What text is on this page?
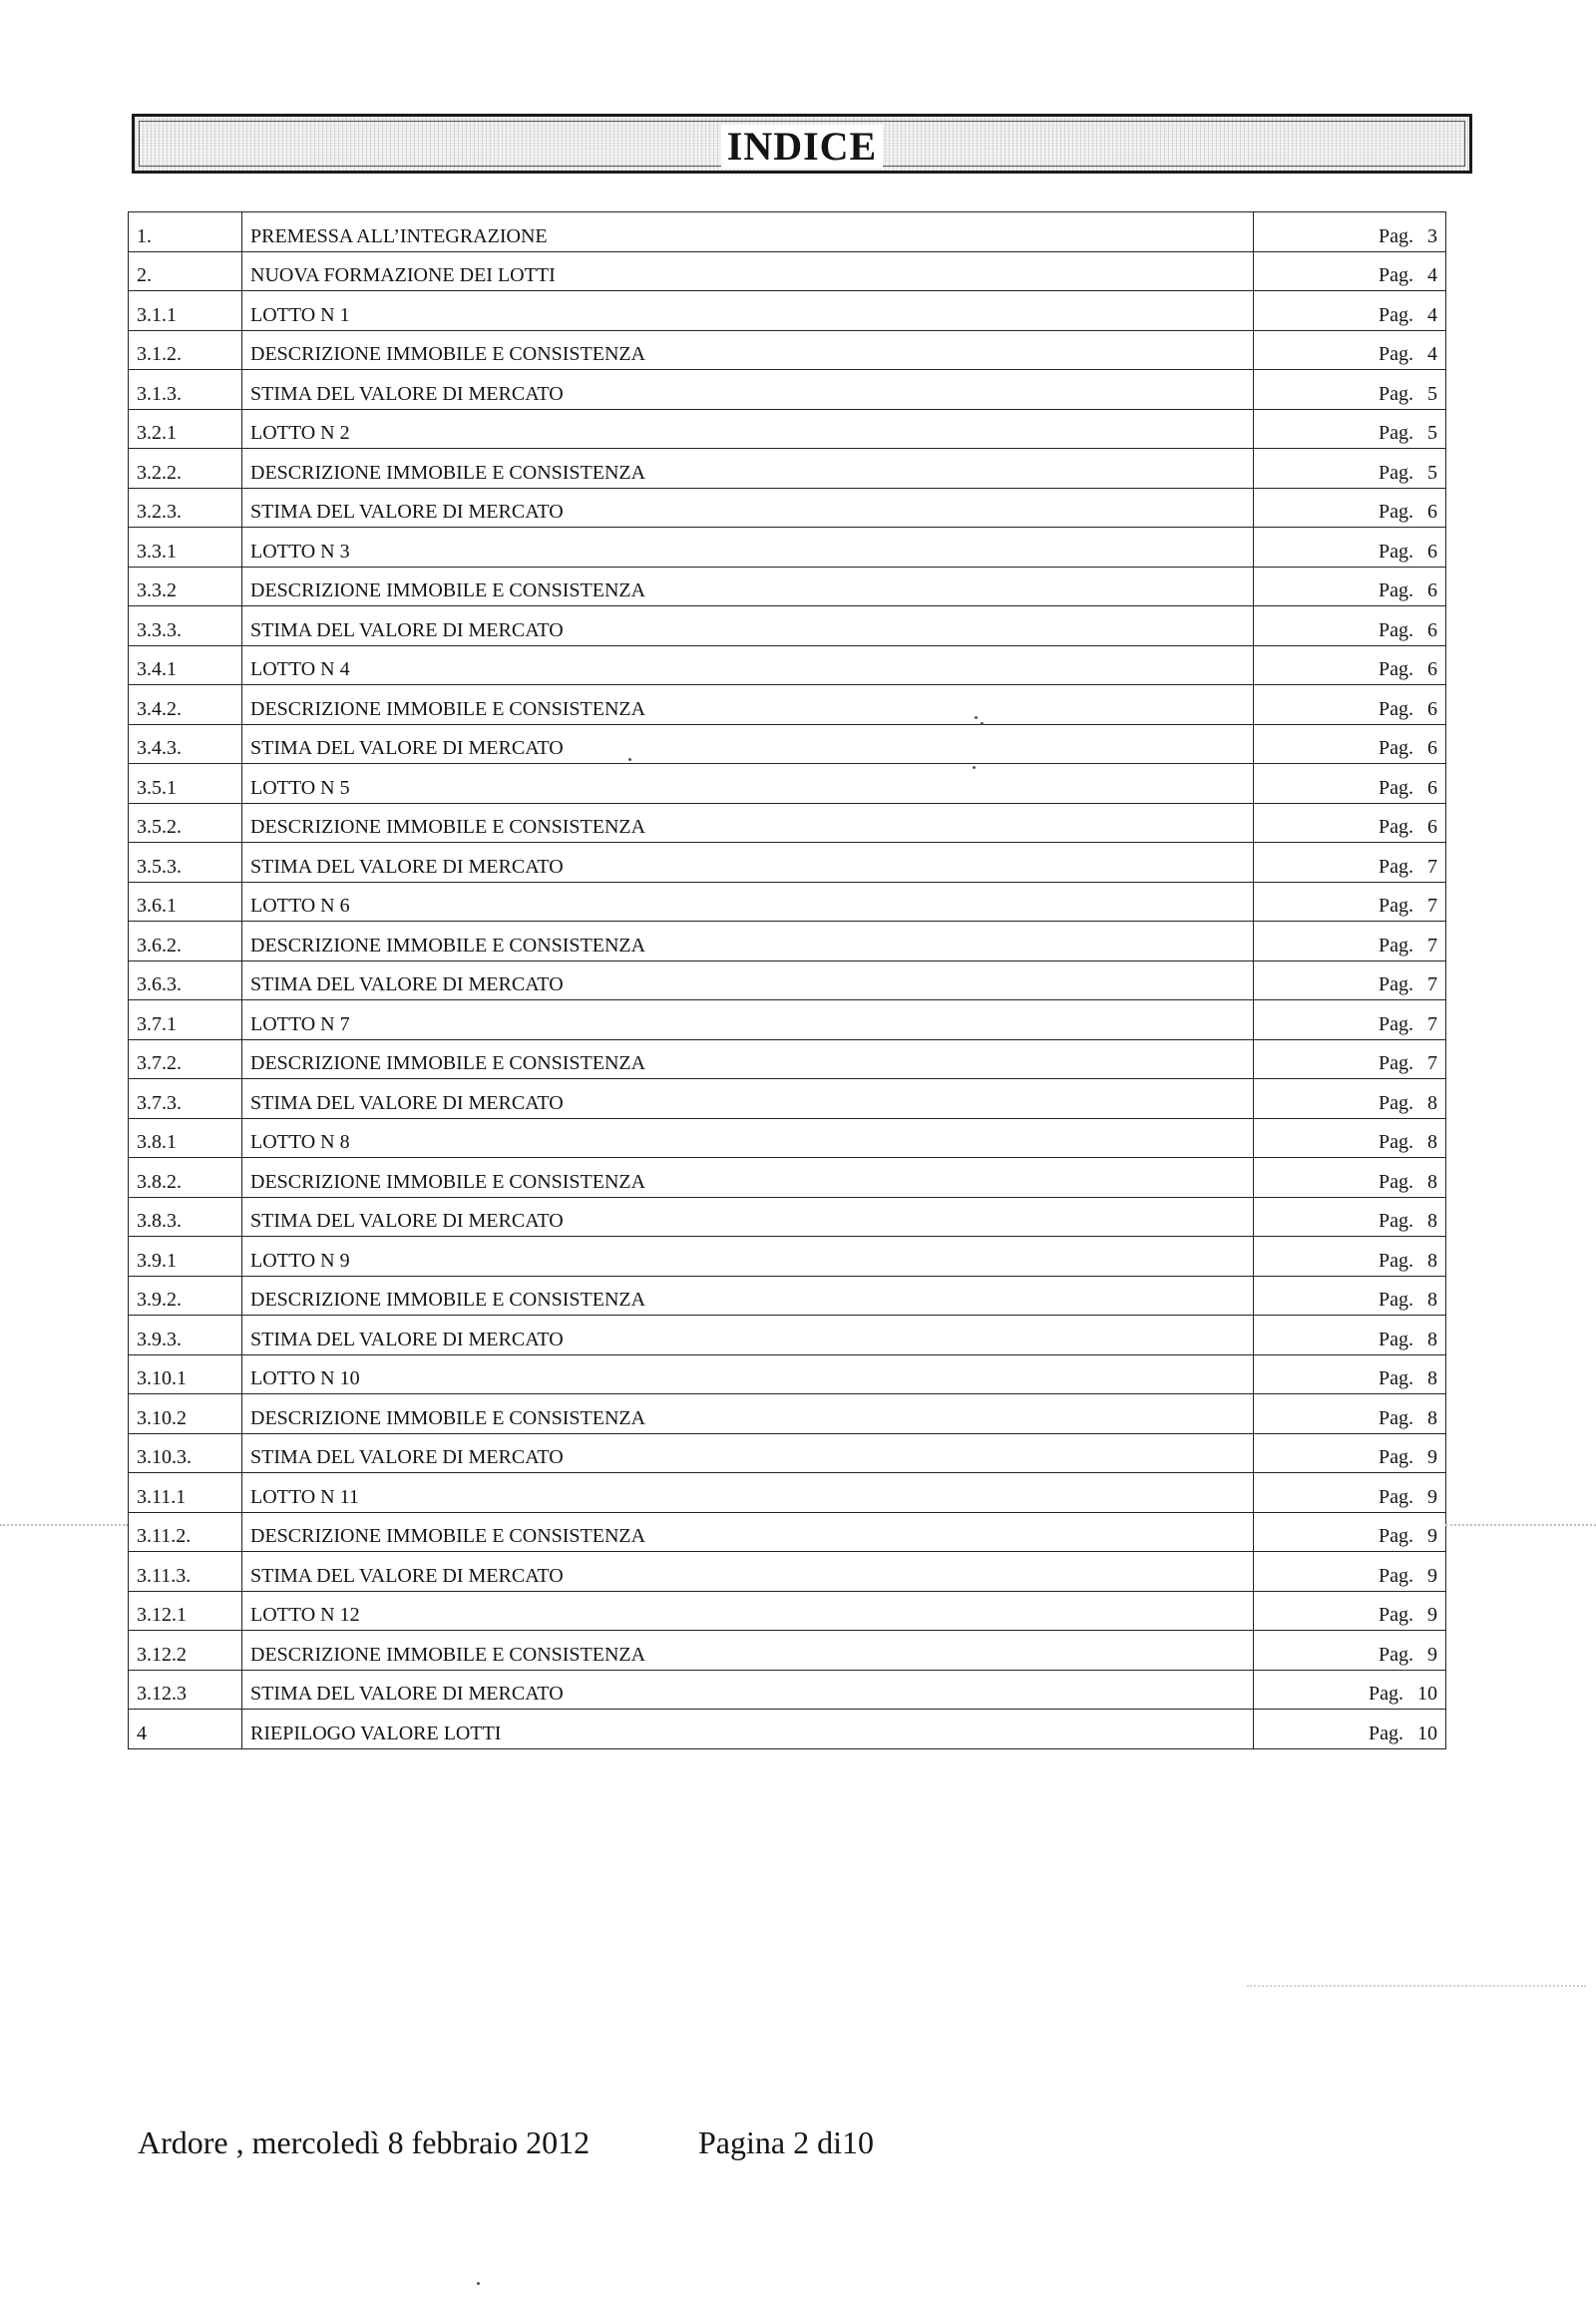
INDICE
1.	PREMESSA ALL’INTEGRAZIONE	Pag. 3
2.	NUOVA FORMAZIONE DEI LOTTI	Pag. 4
3.1.1	LOTTO N 1	Pag. 4
3.1.2.	DESCRIZIONE IMMOBILE E CONSISTENZA	Pag. 4
3.1.3.	STIMA DEL VALORE DI MERCATO	Pag. 5
3.2.1	LOTTO N 2	Pag. 5
3.2.2.	DESCRIZIONE IMMOBILE E CONSISTENZA	Pag. 5
3.2.3.	STIMA DEL VALORE DI MERCATO	Pag. 6
3.3.1	LOTTO N 3	Pag. 6
3.3.2	DESCRIZIONE IMMOBILE E CONSISTENZA	Pag. 6
3.3.3.	STIMA DEL VALORE DI MERCATO	Pag. 6
3.4.1	LOTTO N 4	Pag. 6
3.4.2.	DESCRIZIONE IMMOBILE E CONSISTENZA	Pag. 6
3.4.3.	STIMA DEL VALORE DI MERCATO	Pag. 6
3.5.1	LOTTO N 5	Pag. 6
3.5.2.	DESCRIZIONE IMMOBILE E CONSISTENZA	Pag. 6
3.5.3.	STIMA DEL VALORE DI MERCATO	Pag. 7
3.6.1	LOTTO N 6	Pag. 7
3.6.2.	DESCRIZIONE IMMOBILE E CONSISTENZA	Pag. 7
3.6.3.	STIMA DEL VALORE DI MERCATO	Pag. 7
3.7.1	LOTTO N 7	Pag. 7
3.7.2.	DESCRIZIONE IMMOBILE E CONSISTENZA	Pag. 7
3.7.3.	STIMA DEL VALORE DI MERCATO	Pag. 8
3.8.1	LOTTO N 8	Pag. 8
3.8.2.	DESCRIZIONE IMMOBILE E CONSISTENZA	Pag. 8
3.8.3.	STIMA DEL VALORE DI MERCATO	Pag. 8
3.9.1	LOTTO N 9	Pag. 8
3.9.2.	DESCRIZIONE IMMOBILE E CONSISTENZA	Pag. 8
3.9.3.	STIMA DEL VALORE DI MERCATO	Pag. 8
3.10.1	LOTTO N 10	Pag. 8
3.10.2	DESCRIZIONE IMMOBILE E CONSISTENZA	Pag. 8
3.10.3.	STIMA DEL VALORE DI MERCATO	Pag. 9
3.11.1	LOTTO N 11	Pag. 9
3.11.2.	DESCRIZIONE IMMOBILE E CONSISTENZA	Pag. 9
3.11.3.	STIMA DEL VALORE DI MERCATO	Pag. 9
3.12.1	LOTTO N 12	Pag. 9
3.12.2	DESCRIZIONE IMMOBILE E CONSISTENZA	Pag. 9
3.12.3	STIMA DEL VALORE DI MERCATO	Pag. 10
4	RIEPILOGO VALORE LOTTI	Pag. 10
Ardore , mercoledì 8 febbraio 2012	Pagina 2 di10
